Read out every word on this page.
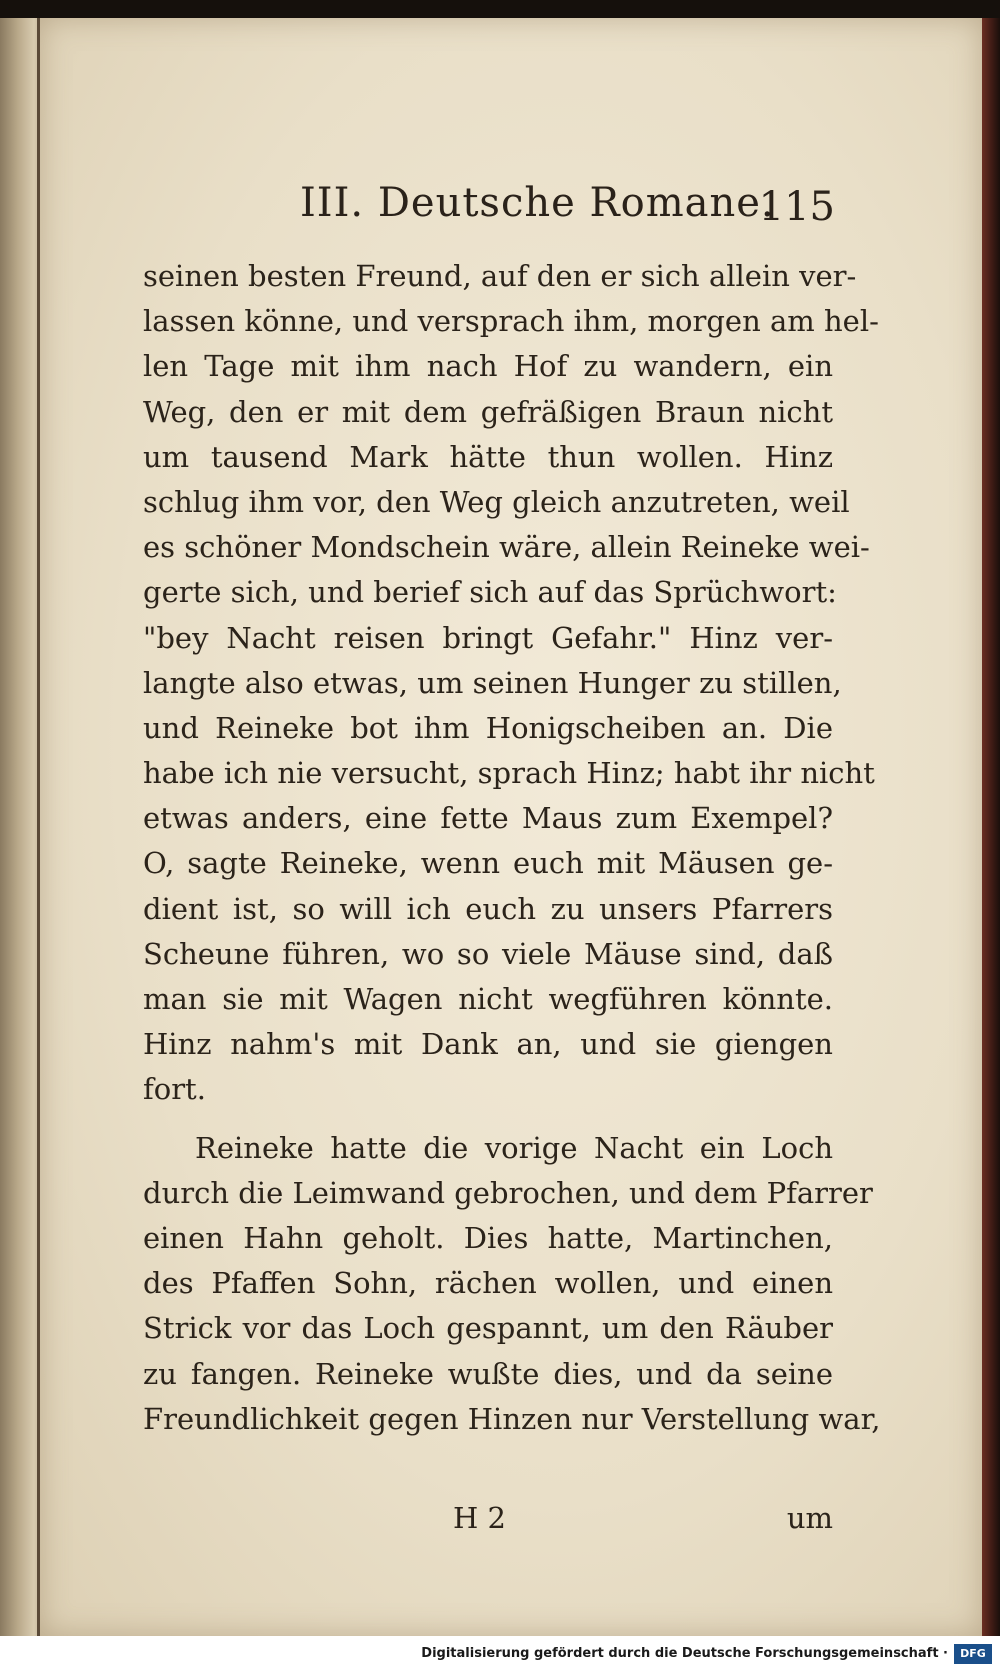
III. Deutsche Romane.
115
seinen besten Freund, auf den er sich allein ver-
lassen könne, und versprach ihm, morgen am hel-
len Tage mit ihm nach Hof zu wandern, ein
Weg, den er mit dem gefräßigen Braun nicht
um tausend Mark hätte thun wollen. Hinz
schlug ihm vor, den Weg gleich anzutreten, weil
es schöner Mondschein wäre, allein Reineke wei-
gerte sich, und berief sich auf das Sprüchwort:
"bey Nacht reisen bringt Gefahr." Hinz ver-
langte also etwas, um seinen Hunger zu stillen,
und Reineke bot ihm Honigscheiben an. Die
habe ich nie versucht, sprach Hinz; habt ihr nicht
etwas anders, eine fette Maus zum Exempel?
O, sagte Reineke, wenn euch mit Mäusen ge-
dient ist, so will ich euch zu unsers Pfarrers
Scheune führen, wo so viele Mäuse sind, daß
man sie mit Wagen nicht wegführen könnte.
Hinz nahm's mit Dank an, und sie giengen
fort.
Reineke hatte die vorige Nacht ein Loch
durch die Leimwand gebrochen, und dem Pfarrer
einen Hahn geholt. Dies hatte, Martinchen,
des Pfaffen Sohn, rächen wollen, und einen
Strick vor das Loch gespannt, um den Räuber
zu fangen. Reineke wußte dies, und da seine
Freundlichkeit gegen Hinzen nur Verstellung war,
H 2	um
Digitalisierung gefördert durch die Deutsche Forschungsgemeinschaft ·	DFG
